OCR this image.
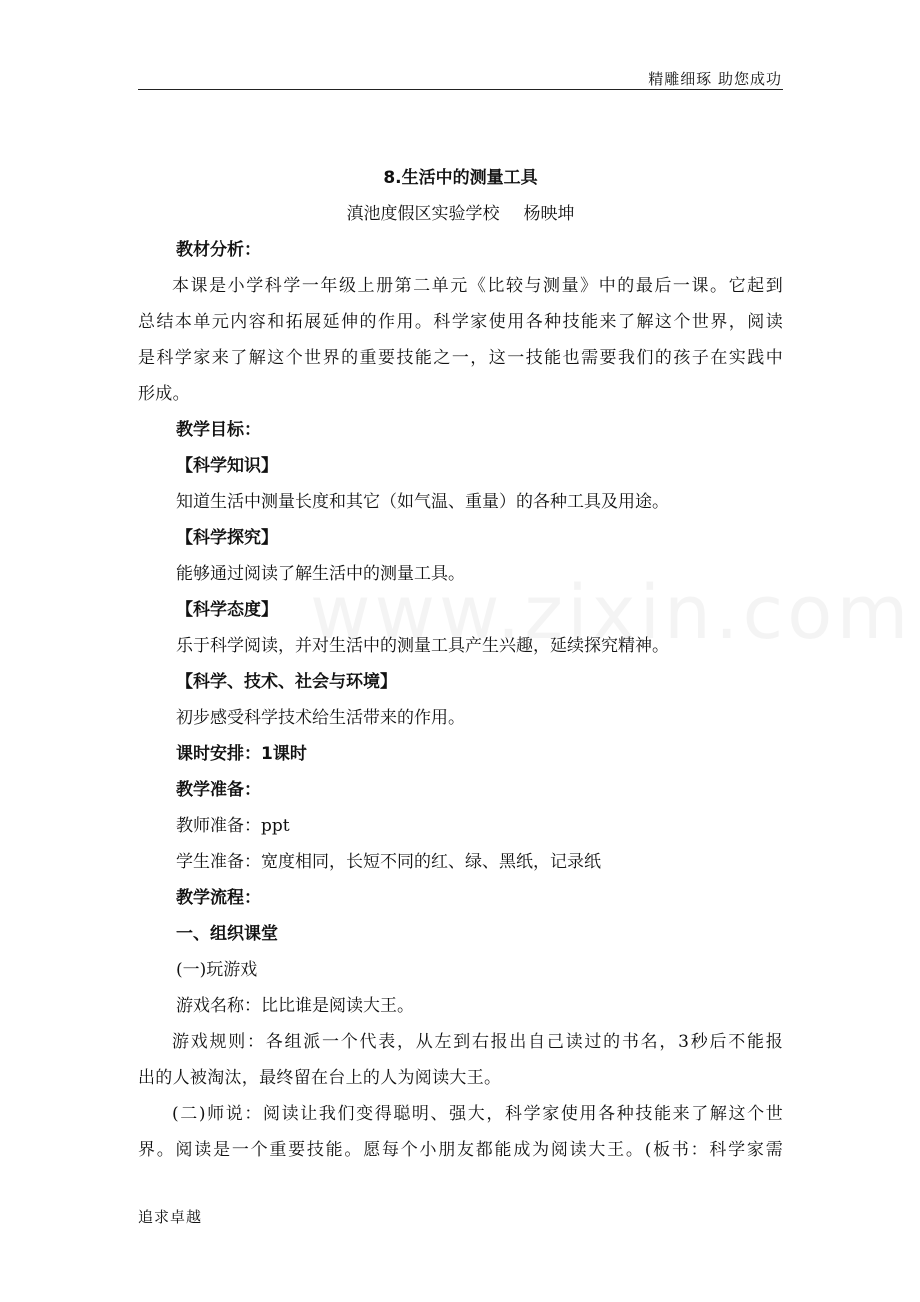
精雕细琢 助您成功
8.生活中的测量工具
滇池度假区实验学校 杨映坤
教材分析：
本课是小学科学一年级上册第二单元《比较与测量》中的最后一课。它起到
总结本单元内容和拓展延伸的作用。科学家使用各种技能来了解这个世界，阅读
是科学家来了解这个世界的重要技能之一，这一技能也需要我们的孩子在实践中
形成。
教学目标：
【科学知识】
知道生活中测量长度和其它（如气温、重量）的各种工具及用途。
【科学探究】
能够通过阅读了解生活中的测量工具。
【科学态度】
乐于科学阅读，并对生活中的测量工具产生兴趣，延续探究精神。
【科学、技术、社会与环境】
初步感受科学技术给生活带来的作用。
课时安排：1课时
教学准备：
教师准备：ppt
学生准备：宽度相同，长短不同的红、绿、黑纸，记录纸
教学流程：
一、组织课堂
(一)玩游戏
游戏名称：比比谁是阅读大王。
游戏规则：各组派一个代表，从左到右报出自己读过的书名，3秒后不能报
出的人被淘汰，最终留在台上的人为阅读大王。
(二)师说：阅读让我们变得聪明、强大，科学家使用各种技能来了解这个世
界。阅读是一个重要技能。愿每个小朋友都能成为阅读大王。(板书：科学家需
追求卓越
